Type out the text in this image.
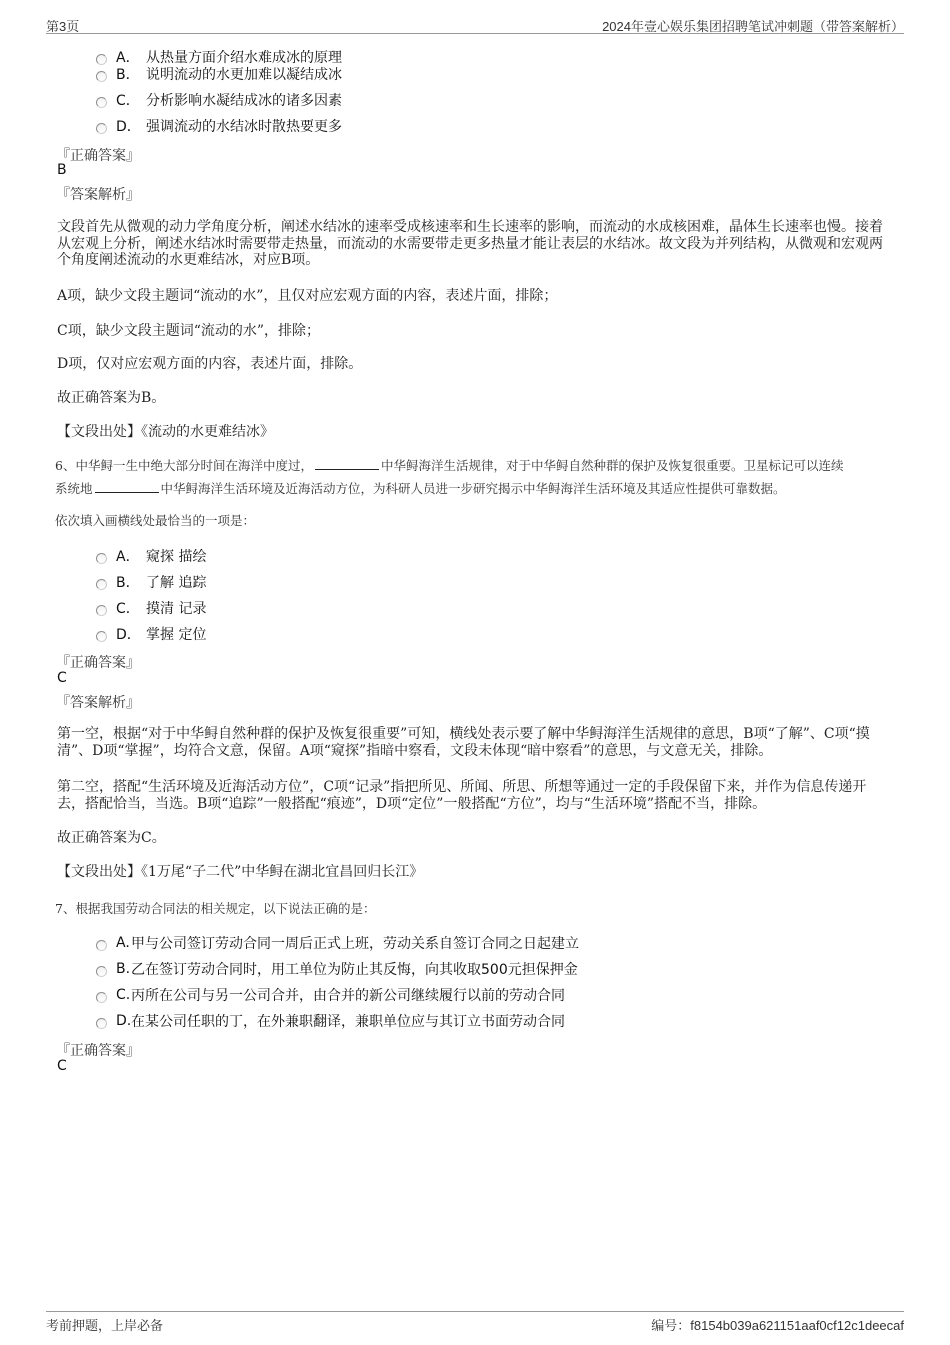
第3页	2024年壹心娱乐集团招聘笔试冲刺题（带答案解析）
A． 从热量方面介绍水难成冰的原理
B． 说明流动的水更加难以凝结成冰
C． 分析影响水凝结成冰的诸多因素
D． 强调流动的水结冰时散热要更多
『正确答案』
B
『答案解析』
文段首先从微观的动力学角度分析，阐述水结冰的速率受成核速率和生长速率的影响，而流动的水成核困难，晶体生长速率也慢。接着从宏观上分析，阐述水结冰时需要带走热量，而流动的水需要带走更多热量才能让表层的水结冰。故文段为并列结构，从微观和宏观两个角度阐述流动的水更难结冰，对应B项。
A项，缺少文段主题词“流动的水”，且仅对应宏观方面的内容，表述片面，排除；
C项，缺少文段主题词“流动的水”，排除；
D项，仅对应宏观方面的内容，表述片面，排除。
故正确答案为B。
【文段出处】《流动的水更难结冰》
6、中华鲟一生中绝大部分时间在海洋中度过，	中华鲟海洋生活规律，对于中华鲟自然种群的保护及恢复很重要。卫星标记可以连续
系统地	中华鲟海洋生活环境及近海活动方位，为科研人员进一步研究揭示中华鲟海洋生活环境及其适应性提供可靠数据。
依次填入画横线处最恰当的一项是：
A． 窥探 描绘
B． 了解 追踪
C． 摸清 记录
D． 掌握 定位
『正确答案』
C
『答案解析』
第一空，根据“对于中华鲟自然种群的保护及恢复很重要”可知，横线处表示要了解中华鲟海洋生活规律的意思，B项“了解”、C项“摸清”、D项“掌握”，均符合文意，保留。A项“窥探”指暗中察看，文段未体现“暗中察看”的意思，与文意无关，排除。
第二空，搭配“生活环境及近海活动方位”，C项“记录”指把所见、所闻、所思、所想等通过一定的手段保留下来，并作为信息传递开去，搭配恰当，当选。B项“追踪”一般搭配“痕迹”，D项“定位”一般搭配“方位”，均与“生活环境”搭配不当，排除。
故正确答案为C。
【文段出处】《1万尾“子二代”中华鲟在湖北宜昌回归长江》
7、根据我国劳动合同法的相关规定，以下说法正确的是：
A. 甲与公司签订劳动合同一周后正式上班，劳动关系自签订合同之日起建立
B. 乙在签订劳动合同时，用工单位为防止其反悔，向其收取500元担保押金
C. 丙所在公司与另一公司合并，由合并的新公司继续履行以前的劳动合同
D. 在某公司任职的丁，在外兼职翻译，兼职单位应与其订立书面劳动合同
『正确答案』
C
考前押题，上岸必备	编号：f8154b039a621151aaf0cf12c1deecaf
